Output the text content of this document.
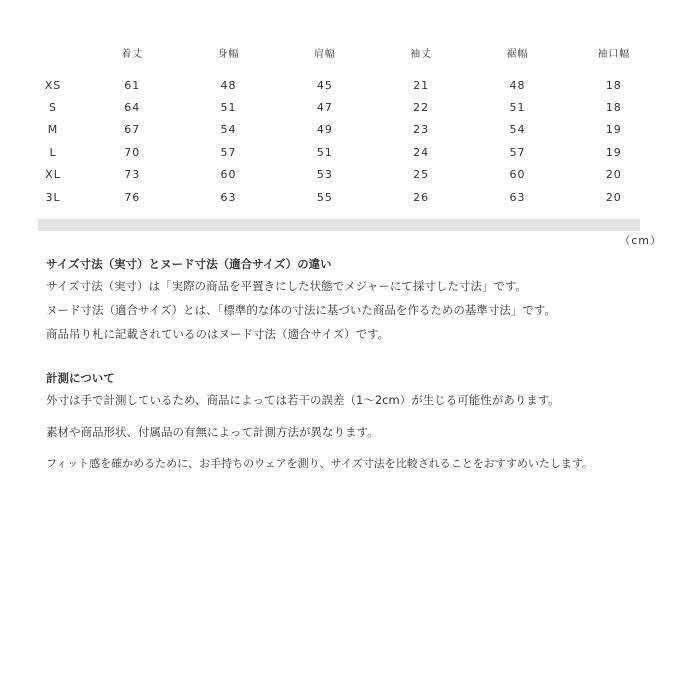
	着丈	身幅	肩幅	袖丈	裾幅	袖口幅

XS	61	48	45	21	48	18
S	64	51	47	22	51	18
M	67	54	49	23	54	19
L	70	57	51	24	57	19
XL	73	60	53	25	60	20
3L	76	63	55	26	63	20
（cm）

サイズ寸法（実寸）とヌード寸法（適合サイズ）の違い

サイズ寸法（実寸）は「実際の商品を平置きにした状態でメジャーにて採寸した寸法」です。

ヌード寸法（適合サイズ）とは、「標準的な体の寸法に基づいた商品を作るための基準寸法」です。

商品吊り札に記載されているのはヌード寸法（適合サイズ）です。

計測について

外寸は手で計測しているため、商品によっては若干の誤差（1～2cm）が生じる可能性があります。

素材や商品形状、付属品の有無によって計測方法が異なります。

フィット感を確かめるために、お手持ちのウェアを測り、サイズ寸法を比較されることをおすすめいたします。
